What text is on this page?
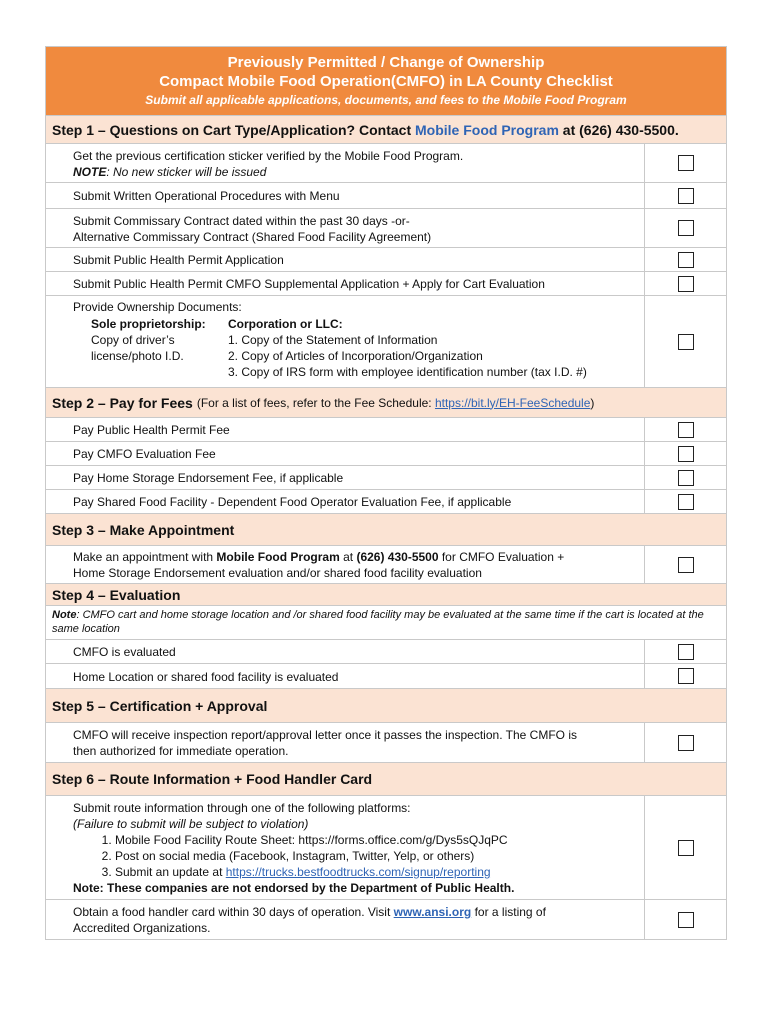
Previously Permitted / Change of Ownership
Compact Mobile Food Operation(CMFO) in LA County Checklist
Submit all applicable applications, documents, and fees to the Mobile Food Program
Step 1 – Questions on Cart Type/Application? Contact Mobile Food Program at (626) 430-5500.
Get the previous certification sticker verified by the Mobile Food Program.
NOTE: No new sticker will be issued
Submit Written Operational Procedures with Menu
Submit Commissary Contract dated within the past 30 days -or-
Alternative Commissary Contract (Shared Food Facility Agreement)
Submit Public Health Permit Application
Submit Public Health Permit CMFO Supplemental Application + Apply for Cart Evaluation
Provide Ownership Documents:
Sole proprietorship:
Copy of driver’s
license/photo I.D.
Corporation or LLC:
1. Copy of the Statement of Information
2. Copy of Articles of Incorporation/Organization
3. Copy of IRS form with employee identification number (tax I.D. #)
Step 2 – Pay for Fees (For a list of fees, refer to the Fee Schedule: https://bit.ly/EH-FeeSchedule)
Pay Public Health Permit Fee
Pay CMFO Evaluation Fee
Pay Home Storage Endorsement Fee, if applicable
Pay Shared Food Facility - Dependent Food Operator Evaluation Fee, if applicable
Step 3 – Make Appointment
Make an appointment with Mobile Food Program at (626) 430-5500 for CMFO Evaluation +
Home Storage Endorsement evaluation and/or shared food facility evaluation
Step 4 – Evaluation
Note: CMFO cart and home storage location and /or shared food facility may be evaluated at the same time if the cart is located at the same location
CMFO is evaluated
Home Location or shared food facility is evaluated
Step 5 – Certification + Approval
CMFO will receive inspection report/approval letter once it passes the inspection. The CMFO is
then authorized for immediate operation.
Step 6 – Route Information + Food Handler Card
Submit route information through one of the following platforms:
(Failure to submit will be subject to violation)
1. Mobile Food Facility Route Sheet: https://forms.office.com/g/Dys5sQJqPC
2. Post on social media (Facebook, Instagram, Twitter, Yelp, or others)
3. Submit an update at https://trucks.bestfoodtrucks.com/signup/reporting
Note: These companies are not endorsed by the Department of Public Health.
Obtain a food handler card within 30 days of operation. Visit www.ansi.org for a listing of
Accredited Organizations.
